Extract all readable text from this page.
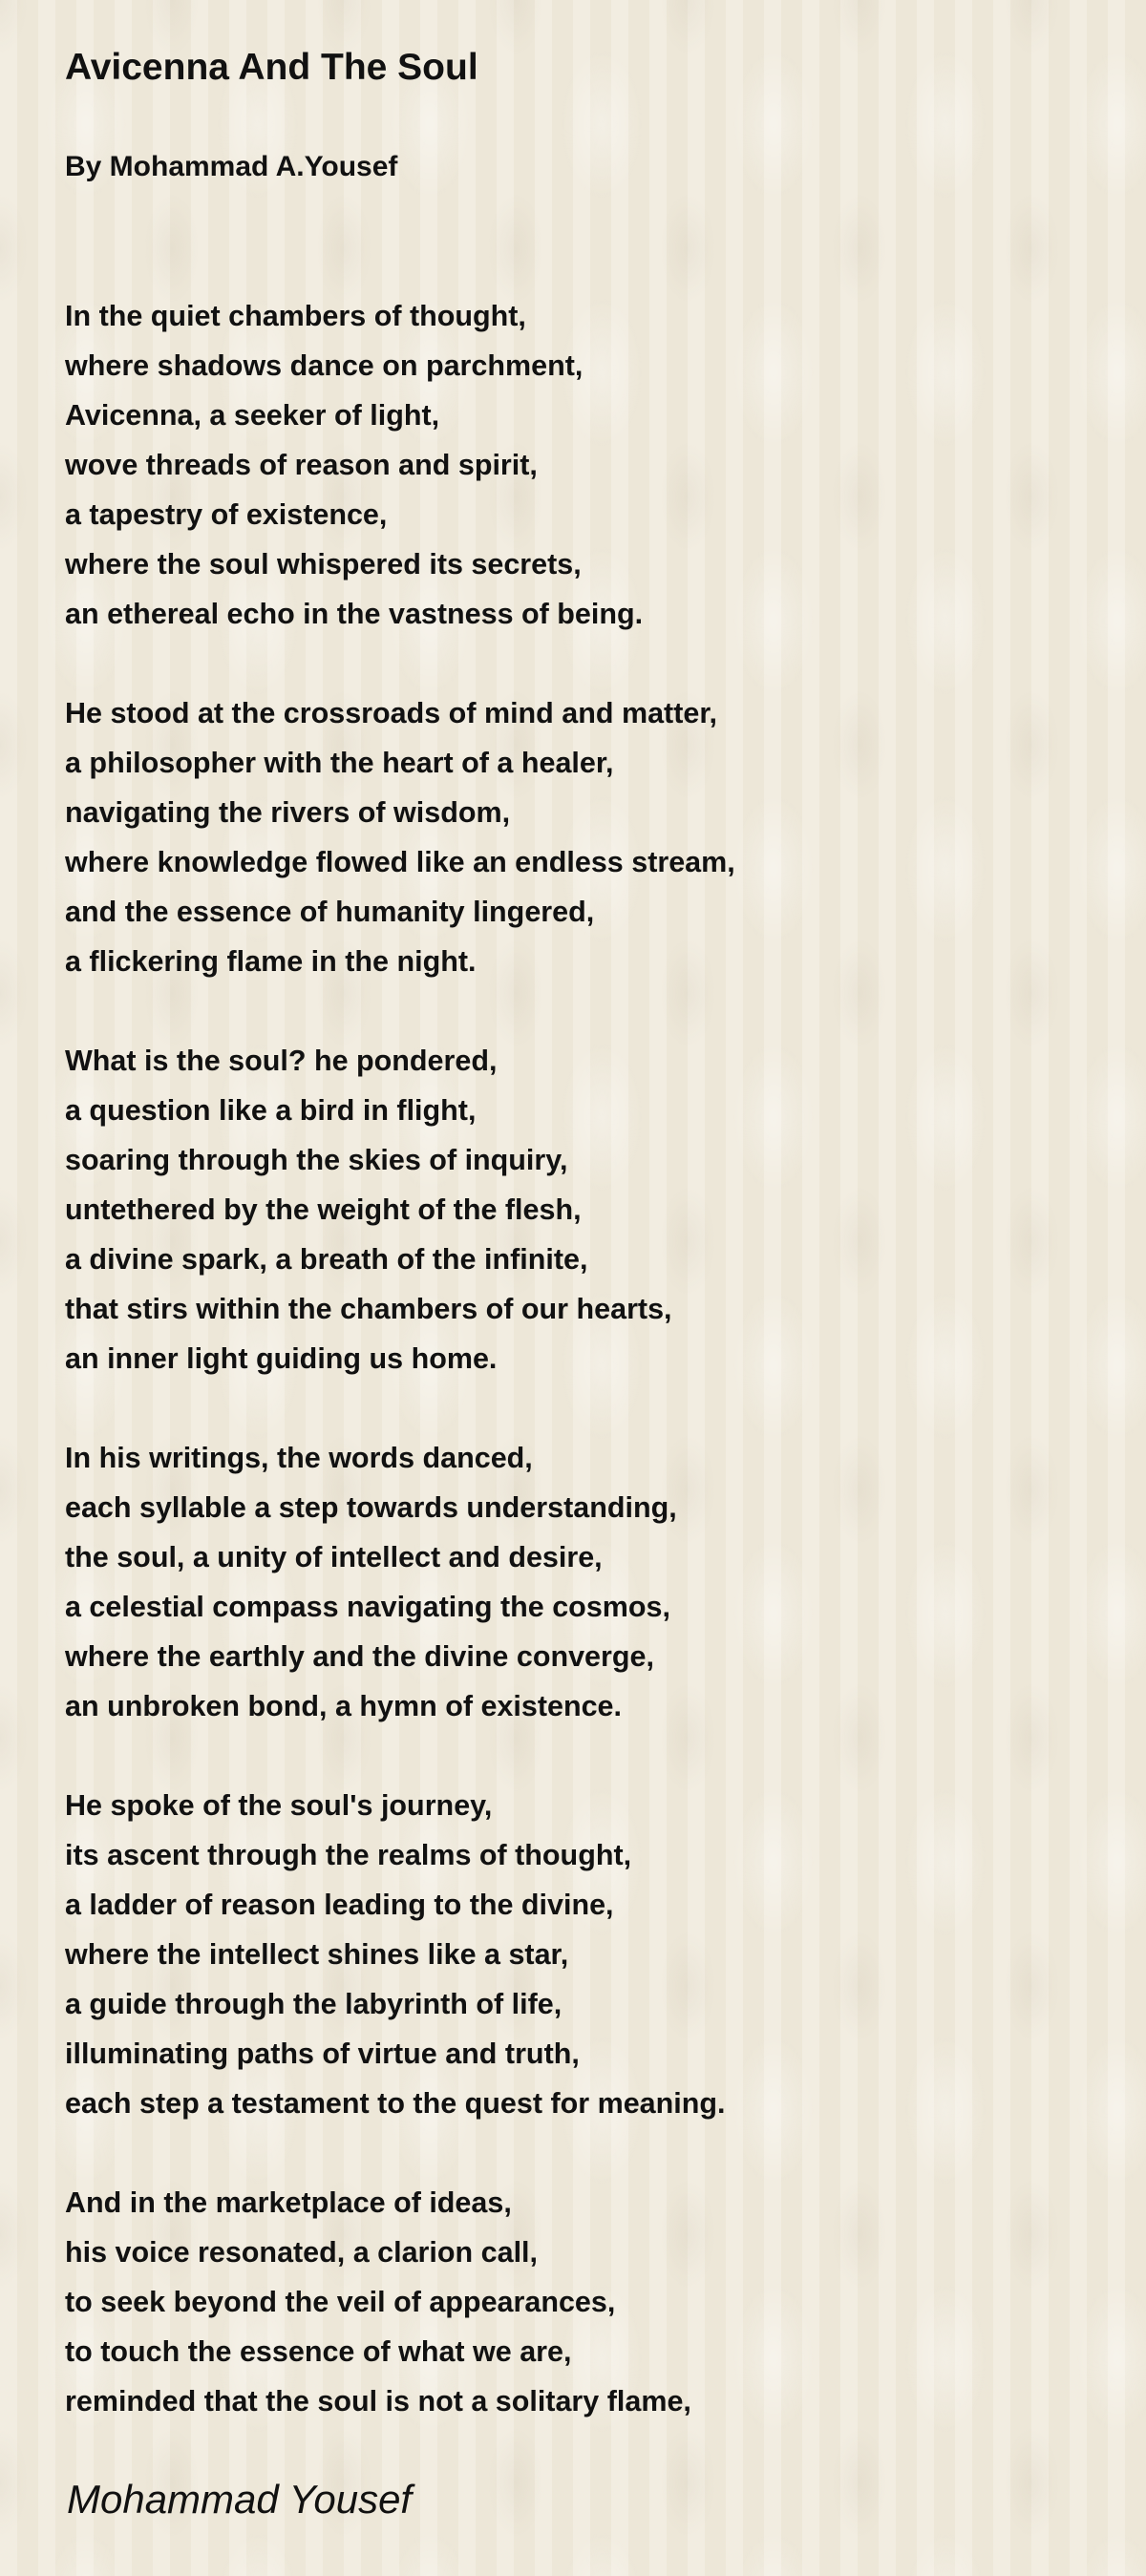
Avicenna And The Soul

By Mohammad A.Yousef

In the quiet chambers of thought,
where shadows dance on parchment,
Avicenna, a seeker of light,
wove threads of reason and spirit,
a tapestry of existence,
where the soul whispered its secrets,
an ethereal echo in the vastness of being.
He stood at the crossroads of mind and matter,
a philosopher with the heart of a healer,
navigating the rivers of wisdom,
where knowledge flowed like an endless stream,
and the essence of humanity lingered,
a flickering flame in the night.
What is the soul? he pondered,
a question like a bird in flight,
soaring through the skies of inquiry,
untethered by the weight of the flesh,
a divine spark, a breath of the infinite,
that stirs within the chambers of our hearts,
an inner light guiding us home.
In his writings, the words danced,
each syllable a step towards understanding,
the soul, a unity of intellect and desire,
a celestial compass navigating the cosmos,
where the earthly and the divine converge,
an unbroken bond, a hymn of existence.
He spoke of the soul's journey,
its ascent through the realms of thought,
a ladder of reason leading to the divine,
where the intellect shines like a star,
a guide through the labyrinth of life,
illuminating paths of virtue and truth,
each step a testament to the quest for meaning.
And in the marketplace of ideas,
his voice resonated, a clarion call,
to seek beyond the veil of appearances,
to touch the essence of what we are,
reminded that the soul is not a solitary flame,

Mohammad Yousef
